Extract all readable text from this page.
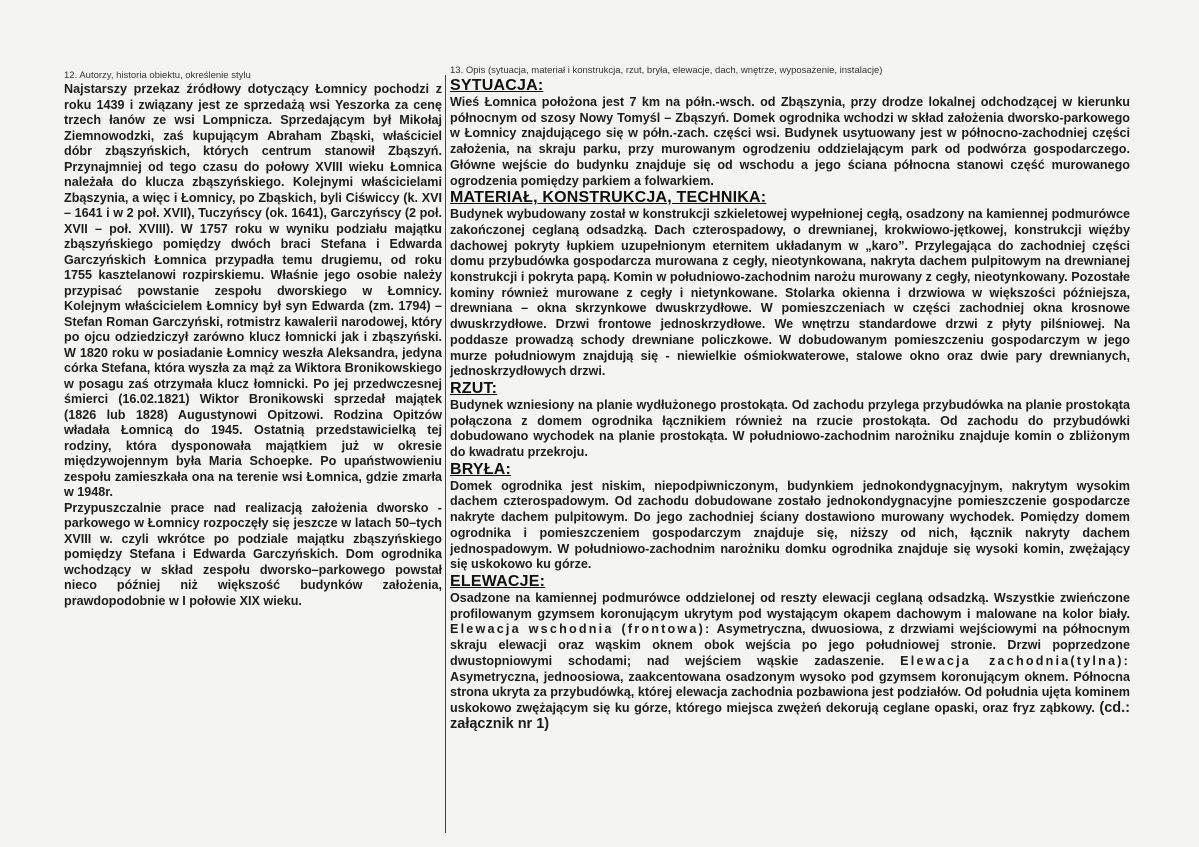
12. Autorzy, historia obiektu, określenie stylu

Najstarszy przekaz źródłowy dotyczący Łomnicy pochodzi z roku 1439 i związany jest ze sprzedażą wsi Yeszorka za cenę trzech łanów ze wsi Lompnicza. Sprzedającym był Mikołaj Ziemnowodzki, zaś kupującym Abraham Zbąski, właściciel dóbr zbąszyńskich, których centrum stanowił Zbąszyń. Przynajmniej od tego czasu do połowy XVIII wieku Łomnica należała do klucza zbąszyńskiego. Kolejnymi właścicielami Zbąszynia, a więc i Łomnicy, po Zbąskich, byli Ciświccy (k. XVI – 1641 i w 2 poł. XVII), Tuczyńscy (ok. 1641), Garczyńscy (2 poł. XVII – poł. XVIII). W 1757 roku w wyniku podziału majątku zbąszyńskiego pomiędzy dwóch braci Stefana i Edwarda Garczyńskich Łomnica przypadła temu drugiemu, od roku 1755 kasztelanowi rozpirskiemu. Właśnie jego osobie należy przypisać powstanie zespołu dworskiego w Łomnicy. Kolejnym właścicielem Łomnicy był syn Edwarda (zm. 1794) – Stefan Roman Garczyński, rotmistrz kawalerii narodowej, który po ojcu odziedziczył zarówno klucz łomnicki jak i zbąszyński. W 1820 roku w posiadanie Łomnicy weszła Aleksandra, jedyna córka Stefana, która wyszła za mąż za Wiktora Bronikowskiego w posagu zaś otrzymała klucz łomnicki. Po jej przedwczesnej śmierci (16.02.1821) Wiktor Bronikowski sprzedał majątek (1826 lub 1828) Augustynowi Opitzowi. Rodzina Opitzów władała Łomnicą do 1945. Ostatnią przedstawicielką tej rodziny, która dysponowała majątkiem już w okresie międzywojennym była Maria Schoepke. Po upaństwowieniu zespołu zamieszkała ona na terenie wsi Łomnica, gdzie zmarła w 1948r.

Przypuszczalnie prace nad realizacją założenia dworsko - parkowego w Łomnicy rozpoczęły się jeszcze w latach 50–tych XVIII w. czyli wkrótce po podziale majątku zbąszyńskiego pomiędzy Stefana i Edwarda Garczyńskich. Dom ogrodnika wchodzący w skład zespołu dworsko–parkowego powstał nieco później niż większość budynków założenia, prawdopodobnie w I połowie XIX wieku.

13. Opis (sytuacja, materiał i konstrukcja, rzut, bryła, elewacje, dach, wnętrze, wyposażenie, instalacje)
SYTUACJA:

Wieś Łomnica położona jest 7 km na półn.-wsch. od Zbąszynia, przy drodze lokalnej odchodzącej w kierunku północnym od szosy Nowy Tomyśl – Zbąszyń. Domek ogrodnika wchodzi w skład założenia dworsko-parkowego w Łomnicy znajdującego się w półn.-zach. części wsi. Budynek usytuowany jest w północno-zachodniej części założenia, na skraju parku, przy murowanym ogrodzeniu oddzielającym park od podwórza gospodarczego. Główne wejście do budynku znajduje się od wschodu a jego ściana północna stanowi część murowanego ogrodzenia pomiędzy parkiem a folwarkiem.

MATERIAŁ, KONSTRUKCJA, TECHNIKA:

Budynek wybudowany został w konstrukcji szkieletowej wypełnionej cegłą, osadzony na kamiennej podmurówce zakończonej ceglaną odsadzką. Dach czterospadowy, o drewnianej, krokwiowo-jętkowej, konstrukcji więźby dachowej pokryty łupkiem uzupełnionym eternitem układanym w „karo”. Przylegająca do zachodniej części domu przybudówka gospodarcza murowana z cegły, nieotynkowana, nakryta dachem pulpitowym na drewnianej konstrukcji i pokryta papą. Komin w południowo-zachodnim narożu murowany z cegły, nieotynkowany. Pozostałe kominy również murowane z cegły i nietynkowane. Stolarka okienna i drzwiowa w większości późniejsza, drewniana – okna skrzynkowe dwuskrzydłowe. W pomieszczeniach w części zachodniej okna krosnowe dwuskrzydłowe. Drzwi frontowe jednoskrzydłowe. We wnętrzu standardowe drzwi z płyty pilśniowej. Na poddasze prowadzą schody drewniane policzkowe. W dobudowanym pomieszczeniu gospodarczym w jego murze południowym znajdują się - niewielkie ośmiokwaterowe, stalowe okno oraz dwie pary drewnianych, jednoskrzydłowych drzwi.

RZUT:

Budynek wzniesiony na planie wydłużonego prostokąta. Od zachodu przylega przybudówka na planie prostokąta połączona z domem ogrodnika łącznikiem również na rzucie prostokąta. Od zachodu do przybudówki dobudowano wychodek na planie prostokąta. W południowo-zachodnim narożniku znajduje komin o zbliżonym do kwadratu przekroju.

BRYŁA:

Domek ogrodnika jest niskim, niepodpiwniczonym, budynkiem jednokondygnacyjnym, nakrytym wysokim dachem czterospadowym. Od zachodu dobudowane zostało jednokondygnacyjne pomieszczenie gospodarcze nakryte dachem pulpitowym. Do jego zachodniej ściany dostawiono murowany wychodek. Pomiędzy domem ogrodnika i pomieszczeniem gospodarczym znajduje się, niższy od nich, łącznik nakryty dachem jednospadowym. W południowo-zachodnim narożniku domku ogrodnika znajduje się wysoki komin, zwężający się uskokowo ku górze.

ELEWACJE:

Osadzone na kamiennej podmurówce oddzielonej od reszty elewacji ceglaną odsadzką. Wszystkie zwieńczone profilowanym gzymsem koronującym ukrytym pod wystającym okapem dachowym i malowane na kolor biały. Elewacja wschodnia (frontowa): Asymetryczna, dwuosiowa, z drzwiami wejściowymi na północnym skraju elewacji oraz wąskim oknem obok wejścia po jego południowej stronie. Drzwi poprzedzone dwustopniowymi schodami; nad wejściem wąskie zadaszenie. Elewacja zachodnia(tylna): Asymetryczna, jednoosiowa, zaakcentowana osadzonym wysoko pod gzymsem koronującym oknem. Północna strona ukryta za przybudówką, której elewacja zachodnia pozbawiona jest podziałów. Od południa ujęta kominem uskokowo zwężającym się ku górze, którego miejsca zwężeń dekorują ceglane opaski, oraz fryz ząbkowy. (cd.: załącznik nr 1)
